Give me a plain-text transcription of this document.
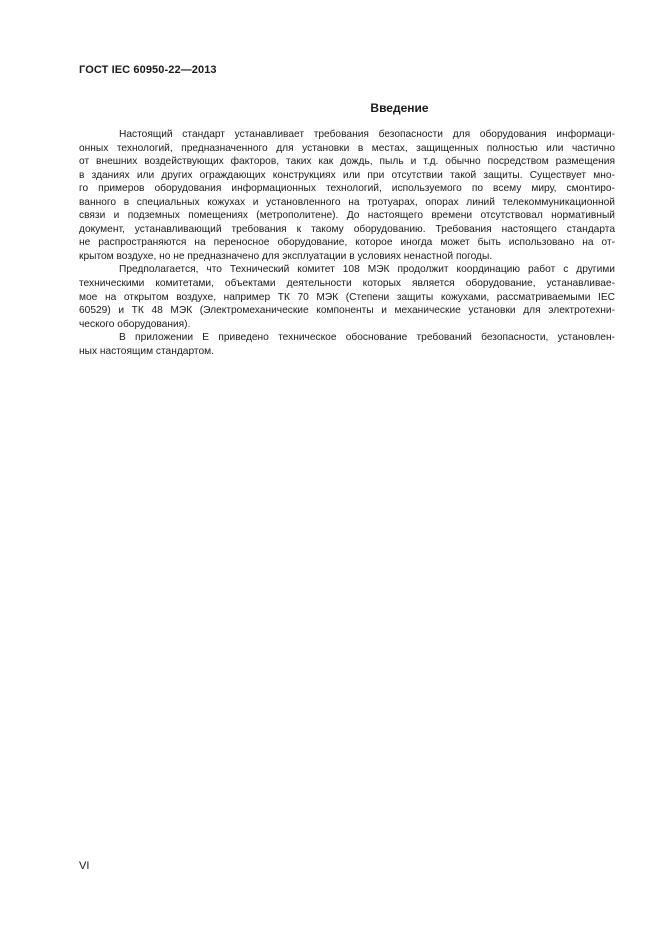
ГОСТ IEC 60950-22—2013
Введение
Настоящий стандарт устанавливает требования безопасности для оборудования информаци-
онных технологий, предназначенного для установки в местах, защищенных полностью или частично
от внешних воздействующих факторов, таких как дождь, пыль и т.д. обычно посредством размещения
в зданиях или других ограждающих конструкциях или при отсутствии такой защиты. Существует мно-
го примеров оборудования информационных технологий, используемого по всему миру, смонтиро-
ванного в специальных кожухах и установленного на тротуарах, опорах линий телекоммуникационной
связи и подземных помещениях (метрополитене). До настоящего времени отсутствовал нормативный
документ, устанавливающий требования к такому оборудованию. Требования настоящего стандарта
не распространяются на переносное оборудование, которое иногда может быть использовано на от-
крытом воздухе, но не предназначено для эксплуатации в условиях ненастной погоды.
Предполагается, что Технический комитет 108 МЭК продолжит координацию работ с другими
техническими комитетами, объектами деятельности которых является оборудование, устанавливае-
мое на открытом воздухе, например ТК 70 МЭК (Степени защиты кожухами, рассматриваемыми IEC
60529) и ТК 48 МЭК (Электромеханические компоненты и механические установки для электротехни-
ческого оборудования).
В приложении Е приведено техническое обоснование требований безопасности, установлен-
ных настоящим стандартом.
VI
